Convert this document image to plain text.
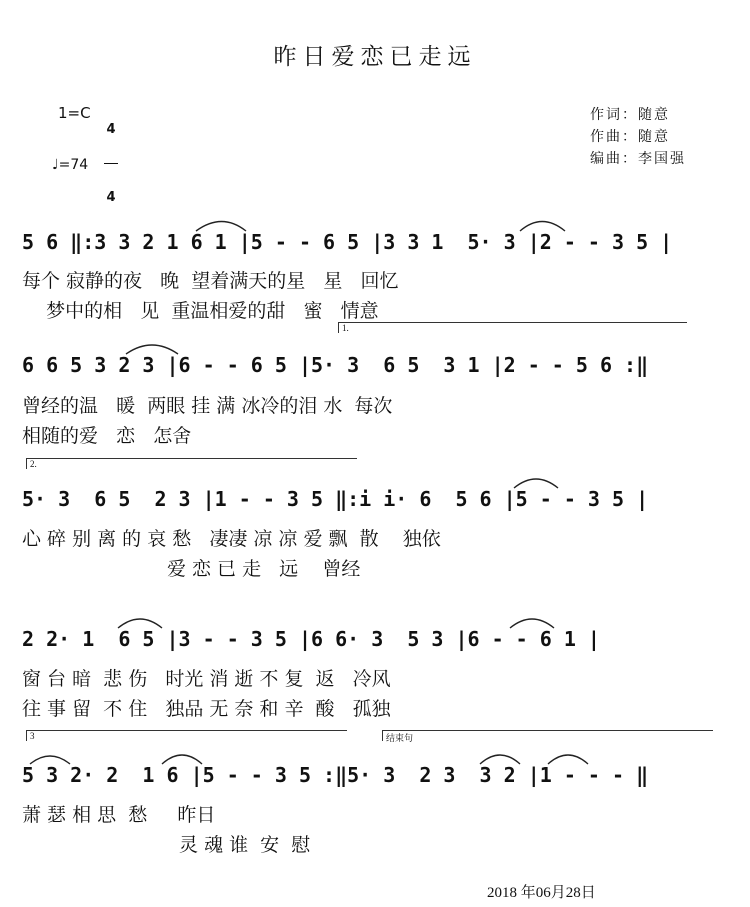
昨日爱恋已走远
1=C

4

4

♩=74
作词：随意
作曲：随意
编曲：李国强
5 6 ‖:3 3 2 1 6 1 |5 - - 6 5 |3 3 1  5· 3 |2 - - 3 5 |
每个 寂静的夜   晚  望着满天的星   星   回忆
梦中的相   见  重温相爱的甜   蜜   情意
1.
6 6 5 3 2 3 |6 - - 6 5 |5· 3  6 5  3 1 |2 - - 5 6 :‖
曾经的温   暖  两眼 挂 满 冰冷的泪 水  每次
相随的爱   恋   怎舍
2.
5· 3  6 5  2 3 |1 - - 3 5 ‖:i i· 6  5 6 |5 - - 3 5 |
心 碎 别 离 的 哀 愁   凄凄 凉 凉 爱 飘  散    独依
爱 恋 已 走   远    曾经
2 2· 1  6 5 |3 - - 3 5 |6 6· 3  5 3 |6 - - 6 1 |
窗 台 暗  悲 伤   时光 消 逝 不 复  返   冷风
往 事 留  不 住   独品 无 奈 和 辛  酸   孤独
3	结束句
5 3 2· 2  1 6 |5 - - 3 5 :‖5· 3  2 3  3 2 |1 - - - ‖
萧 瑟 相 思  愁     昨日
灵 魂 谁  安  慰
2018 年06月28日
